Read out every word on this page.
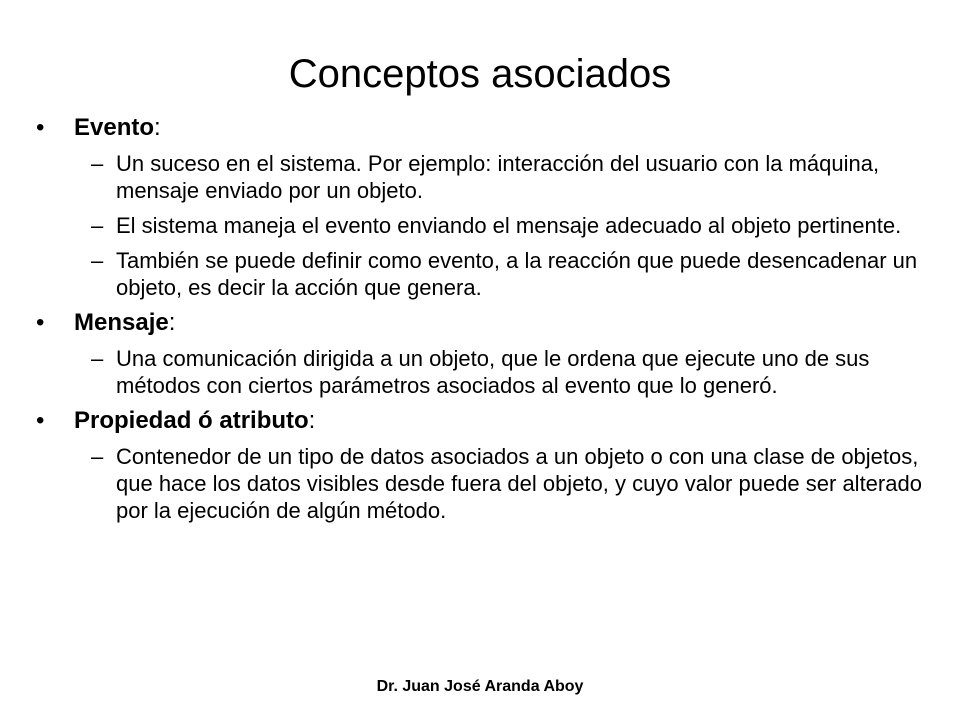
Conceptos asociados
• Evento:
– Un suceso en el sistema. Por ejemplo: interacción del usuario con la máquina, mensaje enviado por un objeto.
– El sistema maneja el evento enviando el mensaje adecuado al objeto pertinente.
– También se puede definir como evento, a la reacción que puede desencadenar un objeto, es decir la acción que genera.
• Mensaje:
– Una comunicación dirigida a un objeto, que le ordena que ejecute uno de sus métodos con ciertos parámetros asociados al evento que lo generó.
• Propiedad ó atributo:
– Contenedor de un tipo de datos asociados a un objeto o con una clase de objetos, que hace los datos visibles desde fuera del objeto, y cuyo valor puede ser alterado por la ejecución de algún método.
Dr. Juan José Aranda Aboy
